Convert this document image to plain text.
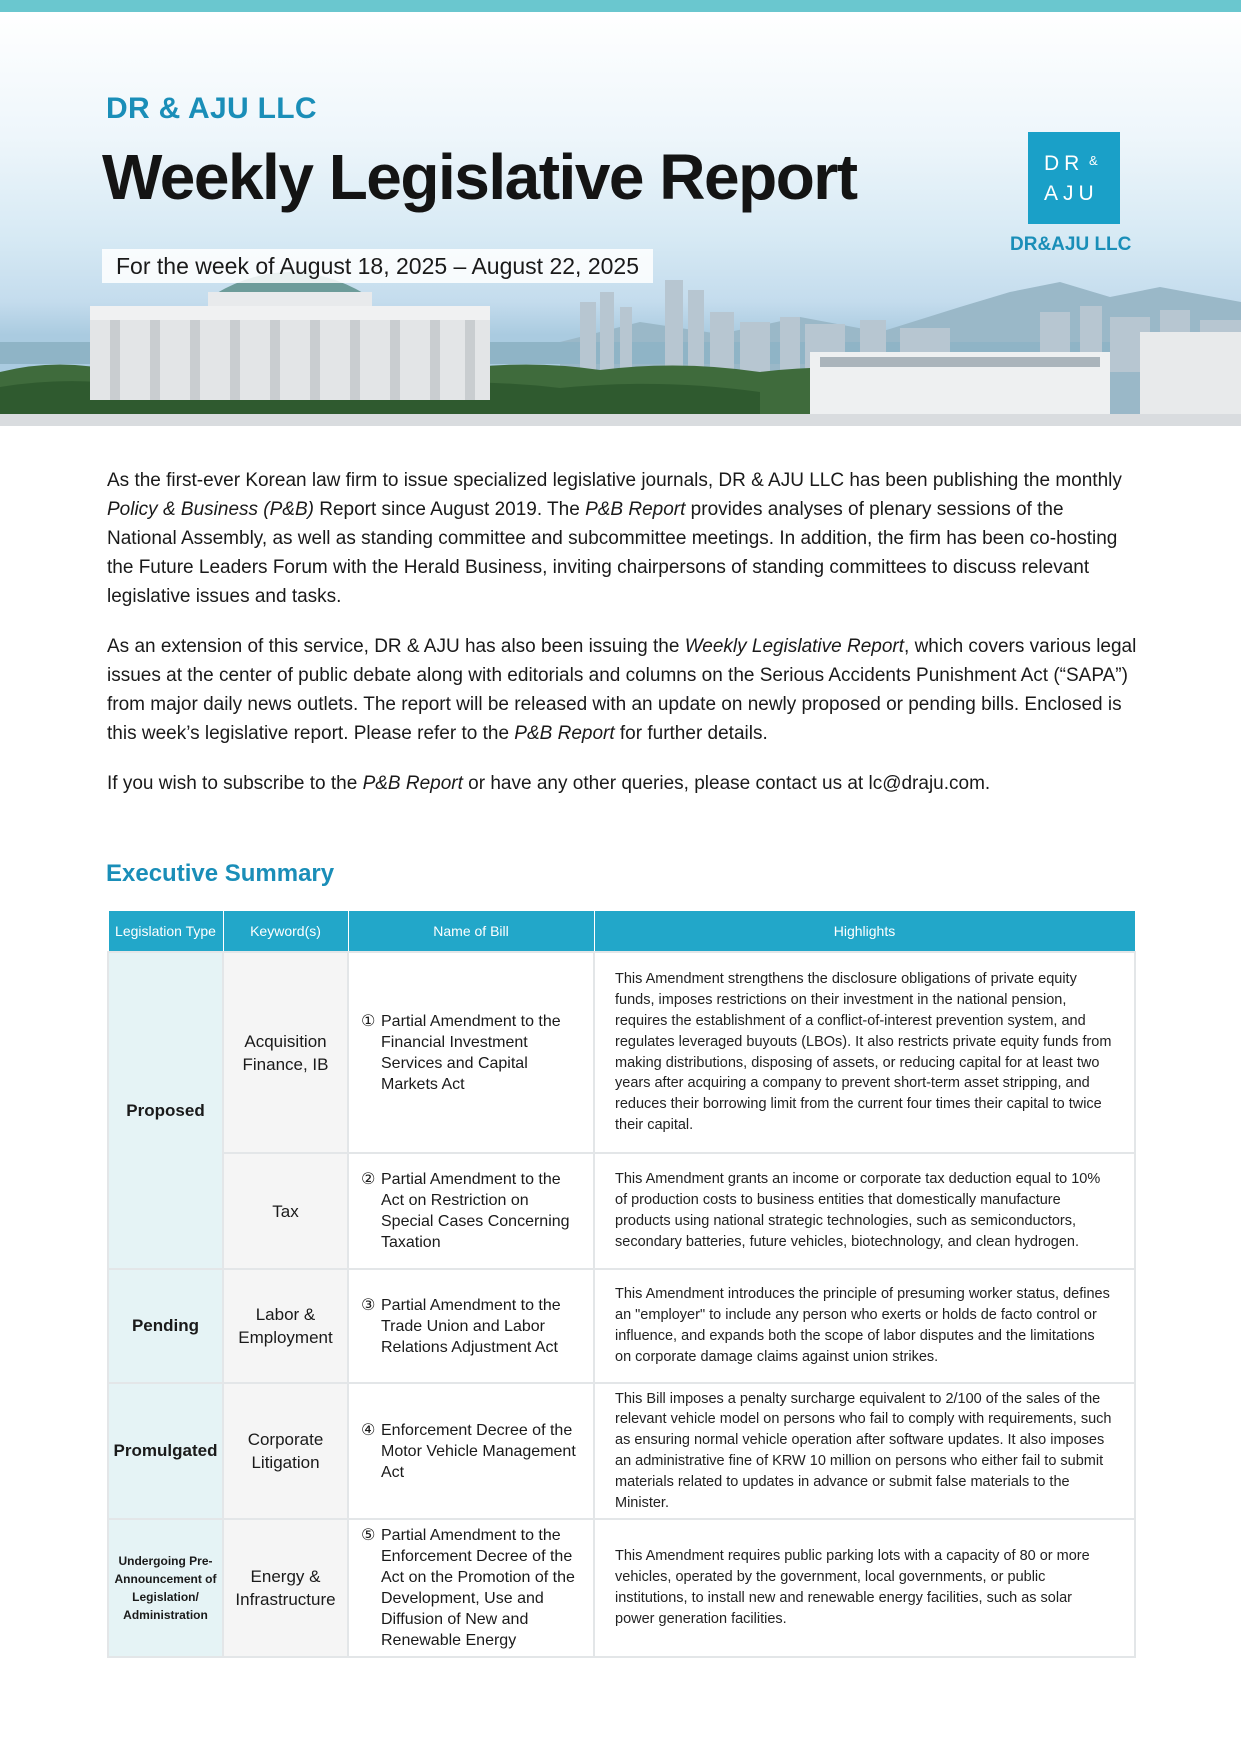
DR & AJU LLC
Weekly Legislative Report
For the week of August 18, 2025 – August 22, 2025
DR &
AJU
DR&AJU LLC

As the first-ever Korean law firm to issue specialized legislative journals, DR & AJU LLC has been publishing the monthly Policy & Business (P&B) Report since August 2019. The P&B Report provides analyses of plenary sessions of the National Assembly, as well as standing committee and subcommittee meetings. In addition, the firm has been co-hosting the Future Leaders Forum with the Herald Business, inviting chairpersons of standing committees to discuss relevant legislative issues and tasks.

As an extension of this service, DR & AJU has also been issuing the Weekly Legislative Report, which covers various legal issues at the center of public debate along with editorials and columns on the Serious Accidents Punishment Act (“SAPA”) from major daily news outlets. The report will be released with an update on newly proposed or pending bills. Enclosed is this week’s legislative report. Please refer to the P&B Report for further details.

If you wish to subscribe to the P&B Report or have any other queries, please contact us at lc@draju.com.

Executive Summary
Legislation Type	Keyword(s)	Name of Bill	Highlights
Proposed	Acquisition Finance, IB	① Partial Amendment to the Financial Investment Services and Capital Markets Act	This Amendment strengthens the disclosure obligations of private equity funds, imposes restrictions on their investment in the national pension, requires the establishment of a conflict-of-interest prevention system, and regulates leveraged buyouts (LBOs). It also restricts private equity funds from making distributions, disposing of assets, or reducing capital for at least two years after acquiring a company to prevent short-term asset stripping, and reduces their borrowing limit from the current four times their capital to twice their capital.
	Tax	② Partial Amendment to the Act on Restriction on Special Cases Concerning Taxation	This Amendment grants an income or corporate tax deduction equal to 10% of production costs to business entities that domestically manufacture products using national strategic technologies, such as semiconductors, secondary batteries, future vehicles, biotechnology, and clean hydrogen.
Pending	Labor & Employment	③ Partial Amendment to the Trade Union and Labor Relations Adjustment Act	This Amendment introduces the principle of presuming worker status, defines an "employer" to include any person who exerts or holds de facto control or influence, and expands both the scope of labor disputes and the limitations on corporate damage claims against union strikes.
Promulgated	Corporate Litigation	④ Enforcement Decree of the Motor Vehicle Management Act	This Bill imposes a penalty surcharge equivalent to 2/100 of the sales of the relevant vehicle model on persons who fail to comply with requirements, such as ensuring normal vehicle operation after software updates. It also imposes an administrative fine of KRW 10 million on persons who either fail to submit materials related to updates in advance or submit false materials to the Minister.
Undergoing Pre-Announcement of Legislation/ Administration	Energy & Infrastructure	⑤ Partial Amendment to the Enforcement Decree of the Act on the Promotion of the Development, Use and Diffusion of New and Renewable Energy	This Amendment requires public parking lots with a capacity of 80 or more vehicles, operated by the government, local governments, or public institutions, to install new and renewable energy facilities, such as solar power generation facilities.
